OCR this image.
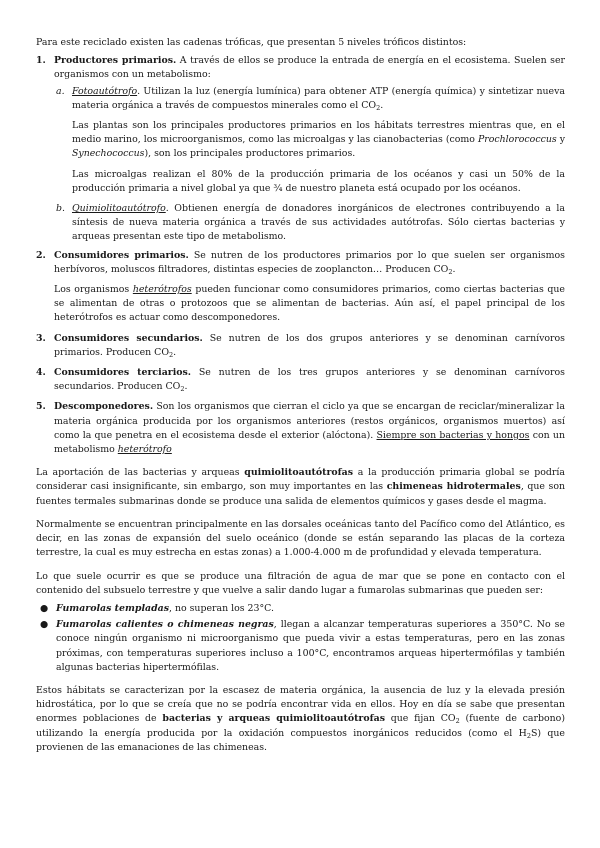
Para este reciclado existen las cadenas tróficas, que presentan 5 niveles tróficos distintos:

1. Productores primarios. A través de ellos se produce la entrada de energía en el ecosistema. Suelen ser organismos con un metabolismo:

a. Fotoautótrofo. Utilizan la luz (energía lumínica) para obtener ATP (energía química) y sintetizar nueva materia orgánica a través de compuestos minerales como el $CO_2$.

Las plantas son los principales productores primarios en los hábitats terrestres mientras que, en el medio marino, los microorganismos, como las microalgas y las cianobacterias (como Prochlorococcus y Synechococcus), son los principales productores primarios.

Las microalgas realizan el 80% de la producción primaria de los océanos y casi un 50% de la producción primaria a nivel global ya que ¾ de nuestro planeta está ocupado por los océanos.

b. Quimiolitoautótrofo. Obtienen energía de donadores inorgánicos de electrones contribuyendo a la síntesis de nueva materia orgánica a través de sus actividades autótrofas. Sólo ciertas bacterias y arqueas presentan este tipo de metabolismo.

2. Consumidores primarios. Se nutren de los productores primarios por lo que suelen ser organismos herbívoros, moluscos filtradores, distintas especies de zooplancton… Producen $CO_2$.

Los organismos heterótrofos pueden funcionar como consumidores primarios, como ciertas bacterias que se alimentan de otras o protozoos que se alimentan de bacterias. Aún así, el papel principal de los heterótrofos es actuar como descomponedores.

3. Consumidores secundarios. Se nutren de los dos grupos anteriores y se denominan carnívoros primarios. Producen $CO_2$.

4. Consumidores terciarios. Se nutren de los tres grupos anteriores y se denominan carnívoros secundarios. Producen $CO_2$.

5. Descomponedores. Son los organismos que cierran el ciclo ya que se encargan de reciclar/mineralizar la materia orgánica producida por los organismos anteriores (restos orgánicos, organismos muertos) así como la que penetra en el ecosistema desde el exterior (alóctona). Siempre son bacterias y hongos con un metabolismo heterótrofo

La aportación de las bacterias y arqueas quimiolitoautótrofas a la producción primaria global se podría considerar casi insignificante, sin embargo, son muy importantes en las chimeneas hidrotermales, que son fuentes termales submarinas donde se produce una salida de elementos químicos y gases desde el magma.

Normalmente se encuentran principalmente en las dorsales oceánicas tanto del Pacífico como del Atlántico, es decir, en las zonas de expansión del suelo oceánico (donde se están separando las placas de la corteza terrestre, la cual es muy estrecha en estas zonas) a 1.000-4.000 m de profundidad y elevada temperatura.

Lo que suele ocurrir es que se produce una filtración de agua de mar que se pone en contacto con el contenido del subsuelo terrestre y que vuelve a salir dando lugar a fumarolas submarinas que pueden ser:

● Fumarolas templadas, no superan los 23°C.

● Fumarolas calientes o chimeneas negras, llegan a alcanzar temperaturas superiores a 350°C. No se conoce ningún organismo ni microorganismo que pueda vivir a estas temperaturas, pero en las zonas próximas, con temperaturas superiores incluso a 100°C, encontramos arqueas hipertermófilas y también algunas bacterias hipertermófilas.

Estos hábitats se caracterizan por la escasez de materia orgánica, la ausencia de luz y la elevada presión hidrostática, por lo que se creía que no se podría encontrar vida en ellos. Hoy en día se sabe que presentan enormes poblaciones de bacterias y arqueas quimiolitoautótrofas que fijan $CO_2$ (fuente de carbono) utilizando la energía producida por la oxidación compuestos inorgánicos reducidos (como el $H_2S$) que provienen de las emanaciones de las chimeneas.
